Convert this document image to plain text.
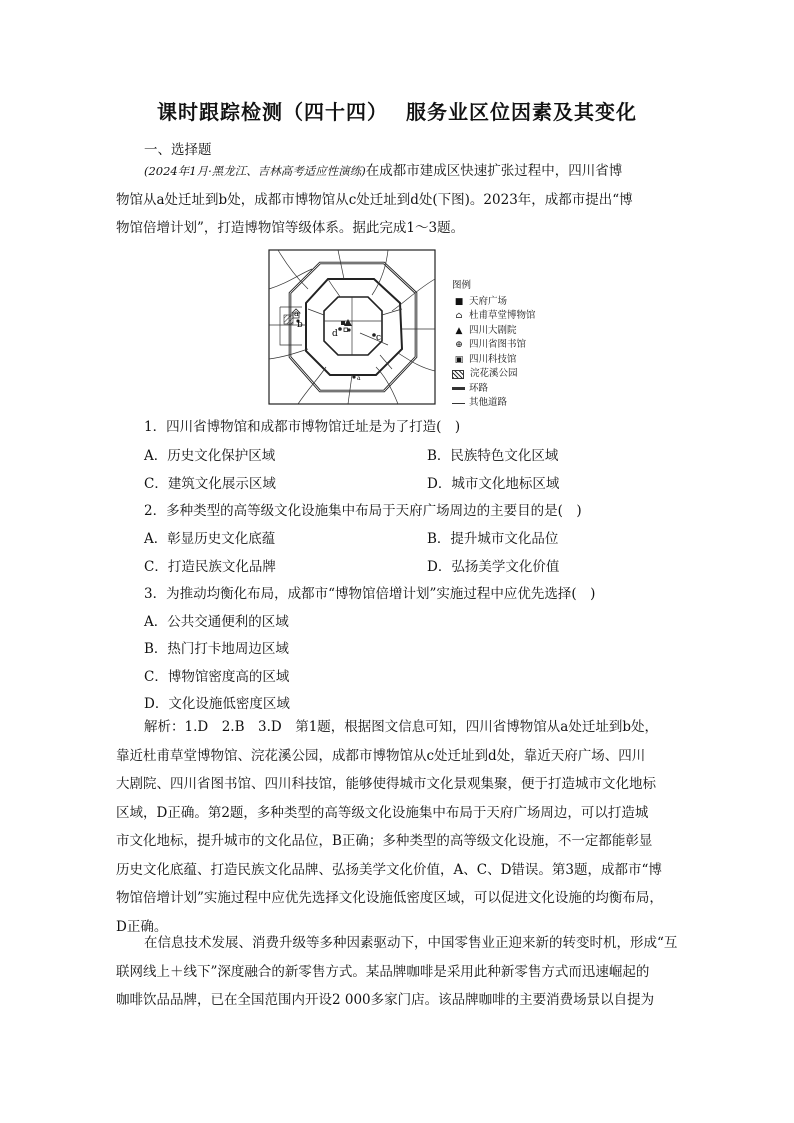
课时跟踪检测（四十四） 服务业区位因素及其变化
一、选择题
(2024年1月·黑龙江、吉林高考适应性演练)在成都市建成区快速扩张过程中，四川省博
物馆从a处迁址到b处，成都市博物馆从c处迁址到d处(下图)。2023年，成都市提出“博
物馆倍增计划”，打造博物馆等级体系。据此完成1～3题。
b
a
d	c
a
图例
■ 天府广场
⌂ 杜甫草堂博物馆
▲ 四川大剧院
⊕ 四川省图书馆
▣ 四川科技馆
浣花溪公园
环路
其他道路
1．四川省博物馆和成都市博物馆迁址是为了打造(　)
A．历史文化保护区域	B．民族特色文化区域
C．建筑文化展示区域	D．城市文化地标区域
2．多种类型的高等级文化设施集中布局于天府广场周边的主要目的是(　)
A．彰显历史文化底蕴	B．提升城市文化品位
C．打造民族文化品牌	D．弘扬美学文化价值
3．为推动均衡化布局，成都市“博物馆倍增计划”实施过程中应优先选择(　)
A．公共交通便利的区域
B．热门打卡地周边区域
C．博物馆密度高的区域
D．文化设施低密度区域
解析：1.D　2.B　3.D　第1题，根据图文信息可知，四川省博物馆从a处迁址到b处，
靠近杜甫草堂博物馆、浣花溪公园，成都市博物馆从c处迁址到d处，靠近天府广场、四川
大剧院、四川省图书馆、四川科技馆，能够使得城市文化景观集聚，便于打造城市文化地标
区域，D正确。第2题，多种类型的高等级文化设施集中布局于天府广场周边，可以打造城
市文化地标，提升城市的文化品位，B正确；多种类型的高等级文化设施，不一定都能彰显
历史文化底蕴、打造民族文化品牌、弘扬美学文化价值，A、C、D错误。第3题，成都市“博
物馆倍增计划”实施过程中应优先选择文化设施低密度区域，可以促进文化设施的均衡布局，
D正确。
在信息技术发展、消费升级等多种因素驱动下，中国零售业正迎来新的转变时机，形成“互
联网线上＋线下”深度融合的新零售方式。某品牌咖啡是采用此种新零售方式而迅速崛起的
咖啡饮品品牌，已在全国范围内开设2 000多家门店。该品牌咖啡的主要消费场景以自提为
